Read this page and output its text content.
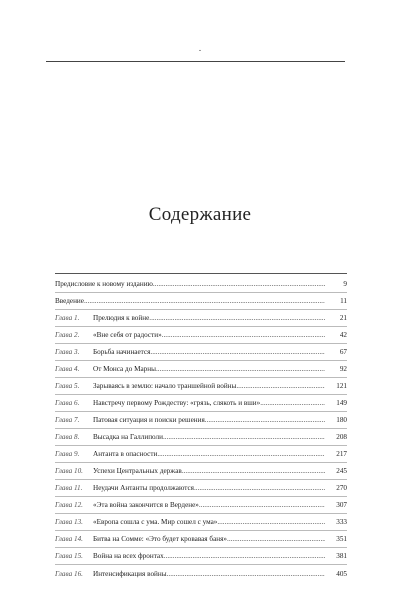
.
Содержание
Предисловие к новому изданию .....	9
Введение .....	11
Глава 1.	Прелюдия к войне .....	21
Глава 2.	«Вне себя от радости» .....	42
Глава 3.	Борьба начинается .....	67
Глава 4.	От Монса до Марны .....	92
Глава 5.	Зарываясь в землю: начало траншейной войны .....	121
Глава 6.	Навстречу первому Рождеству: «грязь, слякоть и вши» .....	149
Глава 7.	Патовая ситуация и поиски решения .....	180
Глава 8.	Высадка на Галлиполи .....	208
Глава 9.	Антанта в опасности .....	217
Глава 10.	Успехи Центральных держав .....	245
Глава 11.	Неудачи Антанты продолжаются .....	270
Глава 12.	«Эта война закончится в Вердене» .....	307
Глава 13.	«Европа сошла с ума. Мир сошел с ума» .....	333
Глава 14.	Битва на Сомме: «Это будет кровавая баня» .....	351
Глава 15.	Война на всех фронтах .....	381
Глава 16.	Интенсификация войны .....	405
